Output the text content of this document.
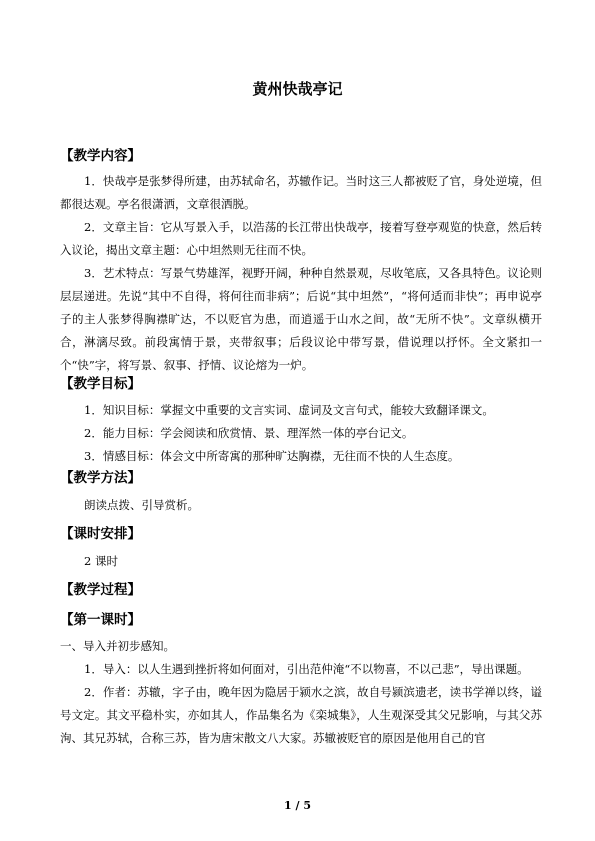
黄州快哉亭记
【教学内容】
1．快哉亭是张梦得所建，由苏轼命名，苏辙作记。当时这三人都被贬了官，身处逆境，但都很达观。亭名很潇洒，文章很洒脱。
2．文章主旨：它从写景入手，以浩荡的长江带出快哉亭，接着写登亭观览的快意，然后转入议论，揭出文章主题：心中坦然则无往而不快。
3．艺术特点：写景气势雄浑，视野开阔，种种自然景观，尽收笔底，又各具特色。议论则层层递进。先说“其中不自得，将何往而非病”；后说“其中坦然”，“将何适而非快”；再申说亭子的主人张梦得胸襟旷达，不以贬官为患，而逍遥于山水之间，故“无所不快”。文章纵横开合，淋漓尽致。前段寓情于景，夹带叙事；后段议论中带写景，借说理以抒怀。全文紧扣一个“快”字，将写景、叙事、抒情、议论熔为一炉。
【教学目标】
1．知识目标：掌握文中重要的文言实词、虚词及文言句式，能较大致翻译课文。
2．能力目标：学会阅读和欣赏情、景、理浑然一体的亭台记文。
3．情感目标：体会文中所寄寓的那种旷达胸襟，无往而不快的人生态度。
【教学方法】
朗读点拨、引导赏析。
【课时安排】
2 课时
【教学过程】
【第一课时】
一、导入并初步感知。
1．导入：以人生遇到挫折将如何面对，引出范仲淹“不以物喜，不以己悲”，导出课题。
2．作者：苏辙，字子由，晚年因为隐居于颍水之滨，故自号颍滨遗老，读书学禅以终，谥号文定。其文平稳朴实，亦如其人，作品集名为《栾城集》，人生观深受其父兄影响，与其父苏洵、其兄苏轼，合称三苏，皆为唐宋散文八大家。苏辙被贬官的原因是他用自己的官
1 / 5
